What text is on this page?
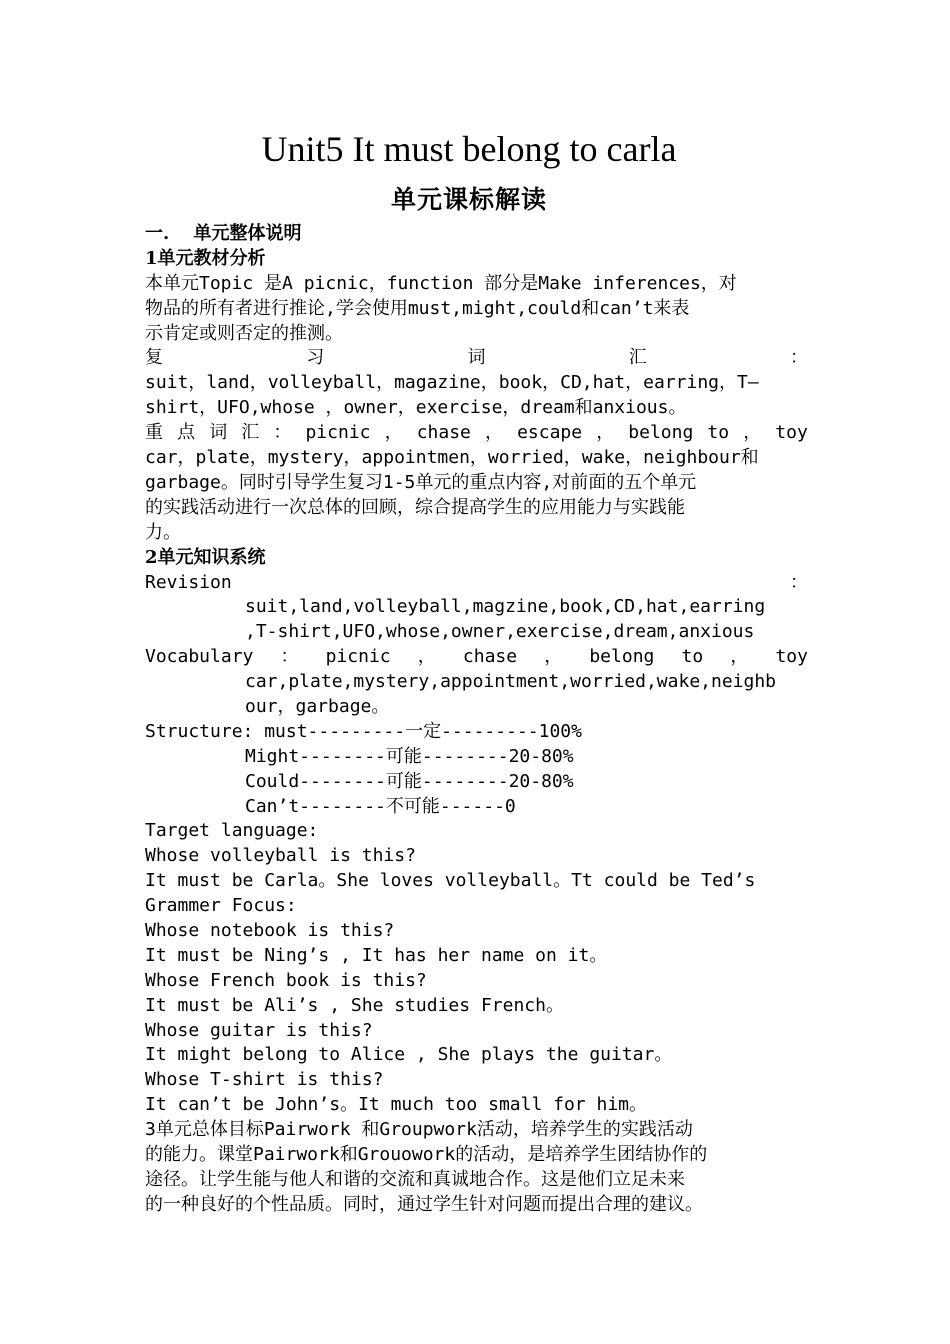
Unit5 It must belong to carla
单元课标解读
一.　 单元整体说明
1单元教材分析
本单元Topic 是A picnic，function 部分是Make inferences，对
物品的所有者进行推论,学会使用must,might,could和can’t来表
示肯定或则否定的推测。
复	习	词	汇	：
suit，land，volleyball，magazine，book，CD,hat，earring，T—
shirt，UFO,whose ，owner，exercise，dream和anxious。
重 点 词 汇 ： picnic ， chase ， escape ， belong to ， toy
car，plate，mystery，appointmen，worried，wake，neighbour和
garbage。同时引导学生复习1-5单元的重点内容,对前面的五个单元
的实践活动进行一次总体的回顾，综合提高学生的应用能力与实践能
力。
2单元知识系统
Revision	：
suit,land,volleyball,magzine,book,CD,hat,earring
,T-shirt,UFO,whose,owner,exercise,dream,anxious
Vocabulary ： picnic ， chase ， belong to ， toy
car,plate,mystery,appointment,worried,wake,neighb
our，garbage。
Structure: must---------一定---------100%
Might--------可能--------20-80%
Could--------可能--------20-80%
Can’t--------不可能------0
Target language:
Whose volleyball is this?
It must be Carla。She loves volleyball。Tt could be Ted’s
Grammer Focus:
Whose notebook is this?
It must be Ning’s , It has her name on it。
Whose French book is this?
It must be Ali’s , She studies French。
Whose guitar is this?
It might belong to Alice , She plays the guitar。
Whose T-shirt is this?
It can’t be John’s。It much too small for him。
3单元总体目标Pairwork 和Groupwork活动，培养学生的实践活动
的能力。课堂Pairwork和Grouowork的活动，是培养学生团结协作的
途径。让学生能与他人和谐的交流和真诚地合作。这是他们立足未来
的一种良好的个性品质。同时，通过学生针对问题而提出合理的建议。
